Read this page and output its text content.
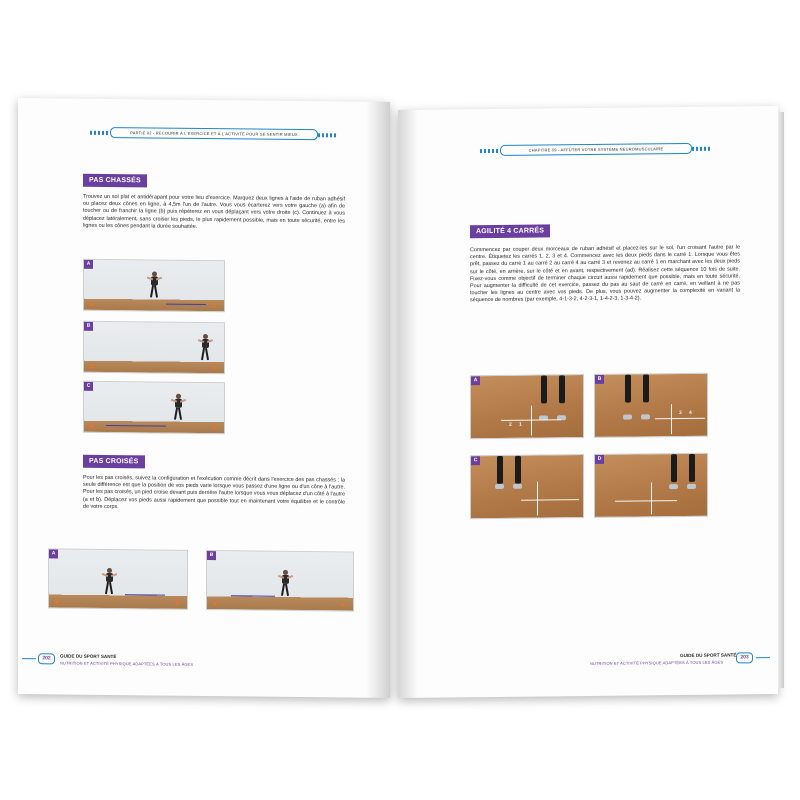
PARTIE 02 - RECOURIR À L'EXERCICE ET À L'ACTIVITÉ POUR SE SENTIR MIEUX
PAS CHASSÉS

Trouvez un sol plat et antidérapant pour votre lieu d'exercice. Marquez deux lignes à l'aide de ruban adhésif ou placez deux cônes en ligne, à 4,5m l'un de l'autre. Vous vous écarterez vers votre gauche (a) afin de toucher ou de franchir la ligne (b) puis répéterez en vous déplaçant vers votre droite (c). Continuez à vous déplacez latéralement, sans croiser les pieds, le plus rapidement possible, mais en toute sécurité, entre les lignes ou les cônes pendant la durée souhaitée.

A
B
C
PAS CROISÉS

Pour les pas croisés, suivez la configuration et l'exécution comme décrit dans l'exercice des pas chassés ; la seule différence est que la position de vos pieds varie lorsque vous passez d'une ligne ou d'un cône à l'autre. Pour les pas croisés, un pied croise devant puis derrière l'autre lorsque vous vous déplacez d'un côté à l'autre (a et b). Déplacez vos pieds aussi rapidement que possible tout en maintenant votre équilibre et le contrôle de votre corps.

A	B
202	GUIDE DU SPORT SANTÉ
NUTRITION ET ACTIVITÉ PHYSIQUE ADAPTÉES À TOUS LES ÂGES
CHAPITRE 09 - AFFÛTER VOTRE SYSTÈME NEUROMUSCULAIRE
AGILITÉ 4 CARRÉS

Commencez par couper deux morceaux de ruban adhésif et placez-les sur le sol, l'un croisant l'autre par le centre. Étiquetez les carrés 1, 2, 3 et 4. Commencez avec les deux pieds dans le carré 1. Lorsque vous êtes prêt, passez du carré 1 au carré 2 au carré 4 au carré 3 et revenez au carré 1 en marchant avec les deux pieds sur le côté, en arrière, sur le côté et en avant, respectivement (ad). Réalisez cette séquence 10 fois de suite. Fixez-vous comme objectif de terminer chaque circuit aussi rapidement que possible, mais en toute sécurité. Pour augmenter la difficulté de cet exercice, passez du pas au saut de carré en carré, en veillant à ne pas toucher les lignes au centre avec vos pieds. De plus, vous pouvez augmenter la complexité en variant la séquence de nombres (par exemple, 4-1-3-2, 4-2-3-1, 1-4-2-3, 1-3-4-2).

A
2 1
B
3 4
C	D
GUIDE DU SPORT SANTÉ
NUTRITION ET ACTIVITÉ PHYSIQUE ADAPTÉES À TOUS LES ÂGES
203
